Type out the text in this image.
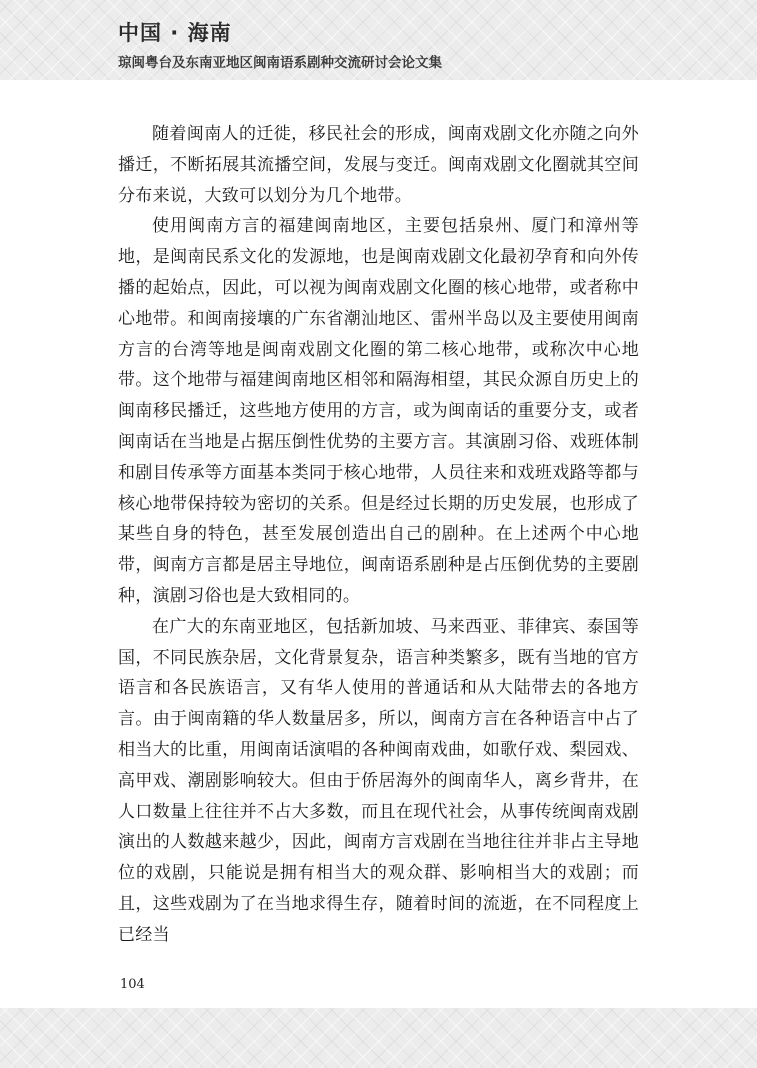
中国 · 海南
琼闽粤台及东南亚地区闽南语系剧种交流研讨会论文集

随着闽南人的迁徙，移民社会的形成，闽南戏剧文化亦随之向外播迁，不断拓展其流播空间，发展与变迁。闽南戏剧文化圈就其空间分布来说，大致可以划分为几个地带。

使用闽南方言的福建闽南地区，主要包括泉州、厦门和漳州等地，是闽南民系文化的发源地，也是闽南戏剧文化最初孕育和向外传播的起始点，因此，可以视为闽南戏剧文化圈的核心地带，或者称中心地带。和闽南接壤的广东省潮汕地区、雷州半岛以及主要使用闽南方言的台湾等地是闽南戏剧文化圈的第二核心地带，或称次中心地带。这个地带与福建闽南地区相邻和隔海相望，其民众源自历史上的闽南移民播迁，这些地方使用的方言，或为闽南话的重要分支，或者闽南话在当地是占据压倒性优势的主要方言。其演剧习俗、戏班体制和剧目传承等方面基本类同于核心地带，人员往来和戏班戏路等都与核心地带保持较为密切的关系。但是经过长期的历史发展，也形成了某些自身的特色，甚至发展创造出自己的剧种。在上述两个中心地带，闽南方言都是居主导地位，闽南语系剧种是占压倒优势的主要剧种，演剧习俗也是大致相同的。

在广大的东南亚地区，包括新加坡、马来西亚、菲律宾、泰国等国，不同民族杂居，文化背景复杂，语言种类繁多，既有当地的官方语言和各民族语言，又有华人使用的普通话和从大陆带去的各地方言。由于闽南籍的华人数量居多，所以，闽南方言在各种语言中占了相当大的比重，用闽南话演唱的各种闽南戏曲，如歌仔戏、梨园戏、高甲戏、潮剧影响较大。但由于侨居海外的闽南华人，离乡背井，在人口数量上往往并不占大多数，而且在现代社会，从事传统闽南戏剧演出的人数越来越少，因此，闽南方言戏剧在当地往往并非占主导地位的戏剧，只能说是拥有相当大的观众群、影响相当大的戏剧；而且，这些戏剧为了在当地求得生存，随着时间的流逝，在不同程度上已经当

104
